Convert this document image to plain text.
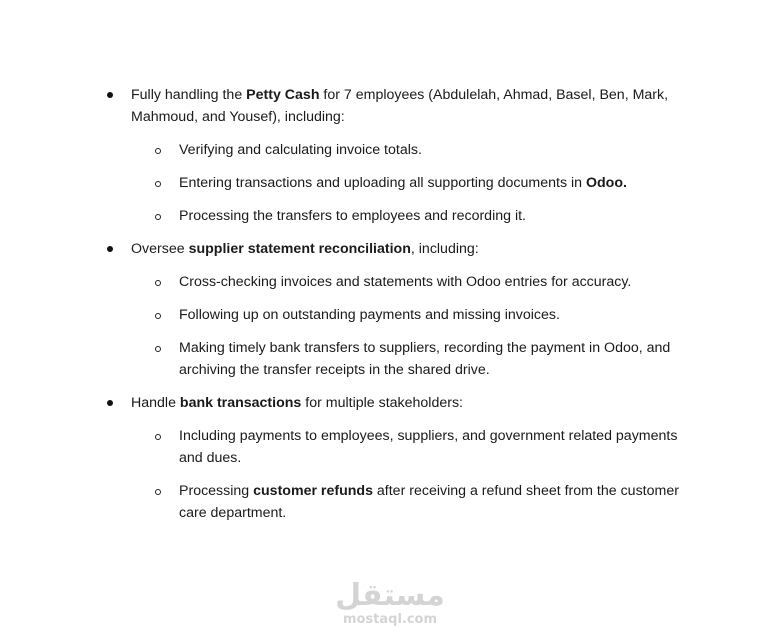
Fully handling the Petty Cash for 7 employees (Abdulelah, Ahmad, Basel, Ben, Mark, Mahmoud, and Yousef), including:
Verifying and calculating invoice totals.
Entering transactions and uploading all supporting documents in Odoo.
Processing the transfers to employees and recording it.
Oversee supplier statement reconciliation, including:
Cross-checking invoices and statements with Odoo entries for accuracy.
Following up on outstanding payments and missing invoices.
Making timely bank transfers to suppliers, recording the payment in Odoo, and archiving the transfer receipts in the shared drive.
Handle bank transactions for multiple stakeholders:
Including payments to employees, suppliers, and government related payments and dues.
Processing customer refunds after receiving a refund sheet from the customer care department.
مستقل
mostaql.com
